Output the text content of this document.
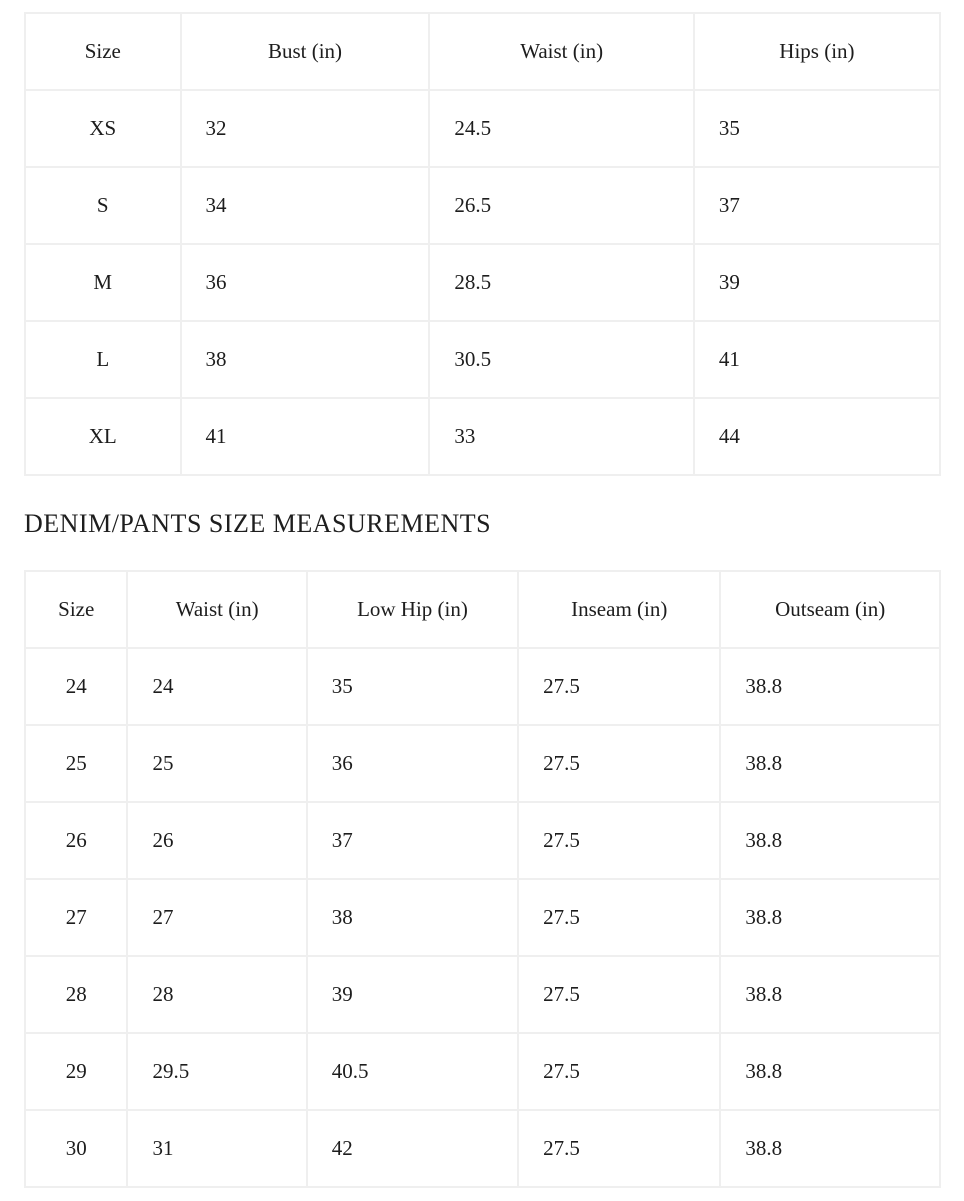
Size	Bust (in)	Waist (in)	Hips (in)
XS	32	24.5	35
S	34	26.5	37
M	36	28.5	39
L	38	30.5	41
XL	41	33	44
DENIM/PANTS SIZE MEASUREMENTS
Size	Waist (in)	Low Hip (in)	Inseam (in)	Outseam (in)
24	24	35	27.5	38.8
25	25	36	27.5	38.8
26	26	37	27.5	38.8
27	27	38	27.5	38.8
28	28	39	27.5	38.8
29	29.5	40.5	27.5	38.8
30	31	42	27.5	38.8
